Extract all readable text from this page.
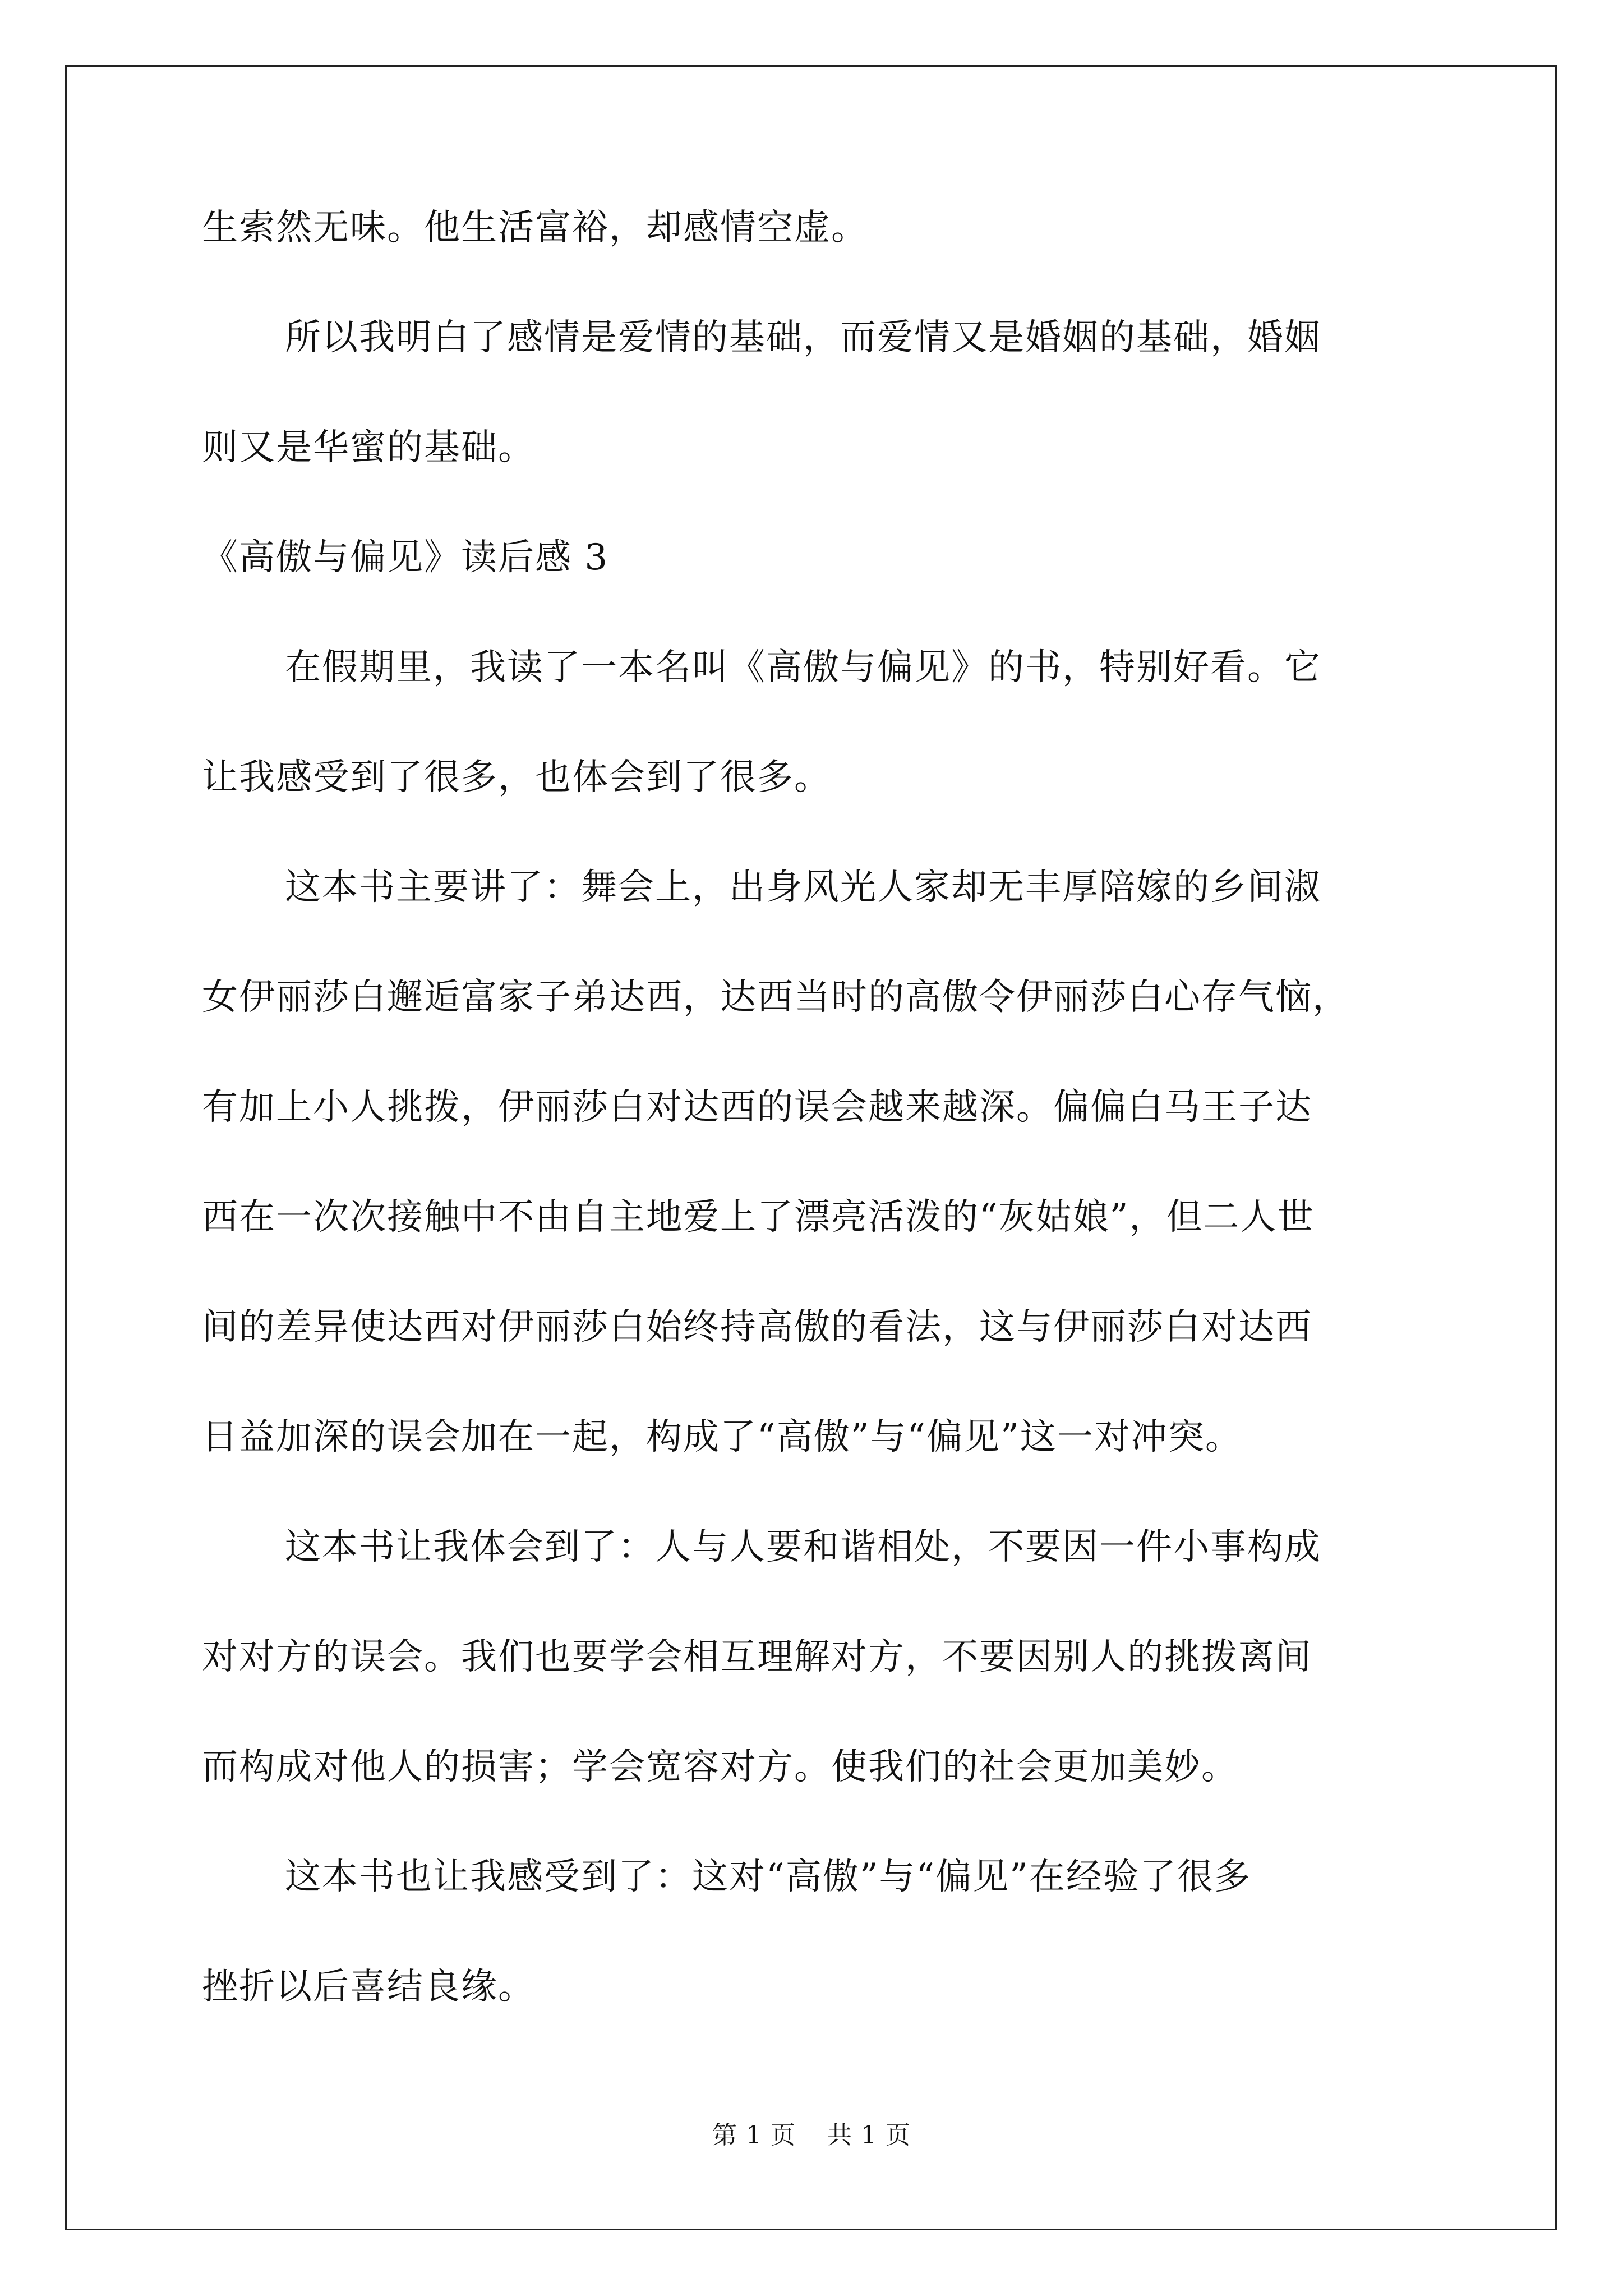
生索然无味。他生活富裕，却感情空虚。
所以我明白了感情是爱情的基础，而爱情又是婚姻的基础，婚姻
则又是华蜜的基础。
《高傲与偏见》读后感 3
在假期里，我读了一本名叫《高傲与偏见》的书，特别好看。它
让我感受到了很多，也体会到了很多。
这本书主要讲了：舞会上，出身风光人家却无丰厚陪嫁的乡间淑
女伊丽莎白邂逅富家子弟达西，达西当时的高傲令伊丽莎白心存气恼，
有加上小人挑拨，伊丽莎白对达西的误会越来越深。偏偏白马王子达
西在一次次接触中不由自主地爱上了漂亮活泼的“灰姑娘”，但二人世
间的差异使达西对伊丽莎白始终持高傲的看法，这与伊丽莎白对达西
日益加深的误会加在一起，构成了“高傲”与“偏见”这一对冲突。
这本书让我体会到了：人与人要和谐相处，不要因一件小事构成
对对方的误会。我们也要学会相互理解对方，不要因别人的挑拨离间
而构成对他人的损害；学会宽容对方。使我们的社会更加美妙。
这本书也让我感受到了：这对“高傲”与“偏见”在经验了很多
挫折以后喜结良缘。
第 1 页 共 1 页
